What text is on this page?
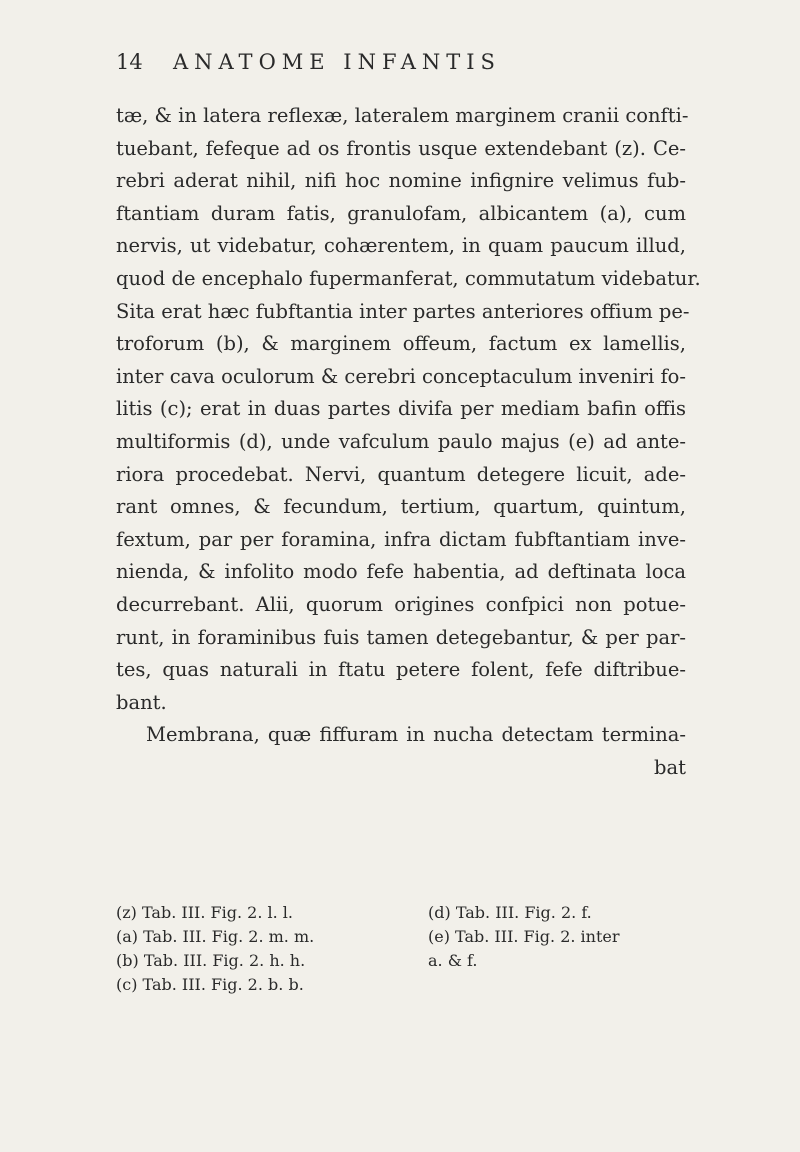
14 ANATOME INFANTIS
tæ, & in latera reflexæ, lateralem marginem cranii confti-
tuebant, fefeque ad os frontis usque extendebant (z). Ce-
rebri aderat nihil, nifi hoc nomine infignire velimus fub-
ftantiam duram fatis, granulofam, albicantem (a), cum
nervis, ut videbatur, cohærentem, in quam paucum illud,
quod de encephalo fupermanferat, commutatum videbatur.
Sita erat hæc fubftantia inter partes anteriores offium pe-
troforum (b), & marginem offeum, factum ex lamellis,
inter cava oculorum & cerebri conceptaculum inveniri fo-
litis (c); erat in duas partes divifa per mediam bafin offis
multiformis (d), unde vafculum paulo majus (e) ad ante-
riora procedebat. Nervi, quantum detegere licuit, ade-
rant omnes, & fecundum, tertium, quartum, quintum,
fextum, par per foramina, infra dictam fubftantiam inve-
nienda, & infolito modo fefe habentia, ad deftinata loca
decurrebant. Alii, quorum origines confpici non potue-
runt, in foraminibus fuis tamen detegebantur, & per par-
tes, quas naturali in ftatu petere folent, fefe diftribue-
bant.
Membrana, quæ fiffuram in nucha detectam termina-
bat
(z) Tab. III. Fig. 2. l. l.	(d) Tab. III. Fig. 2. f.
(a) Tab. III. Fig. 2. m. m.	(e) Tab. III. Fig. 2. inter
(b) Tab. III. Fig. 2. h. h.	a. & f.
(c) Tab. III. Fig. 2. b. b.
